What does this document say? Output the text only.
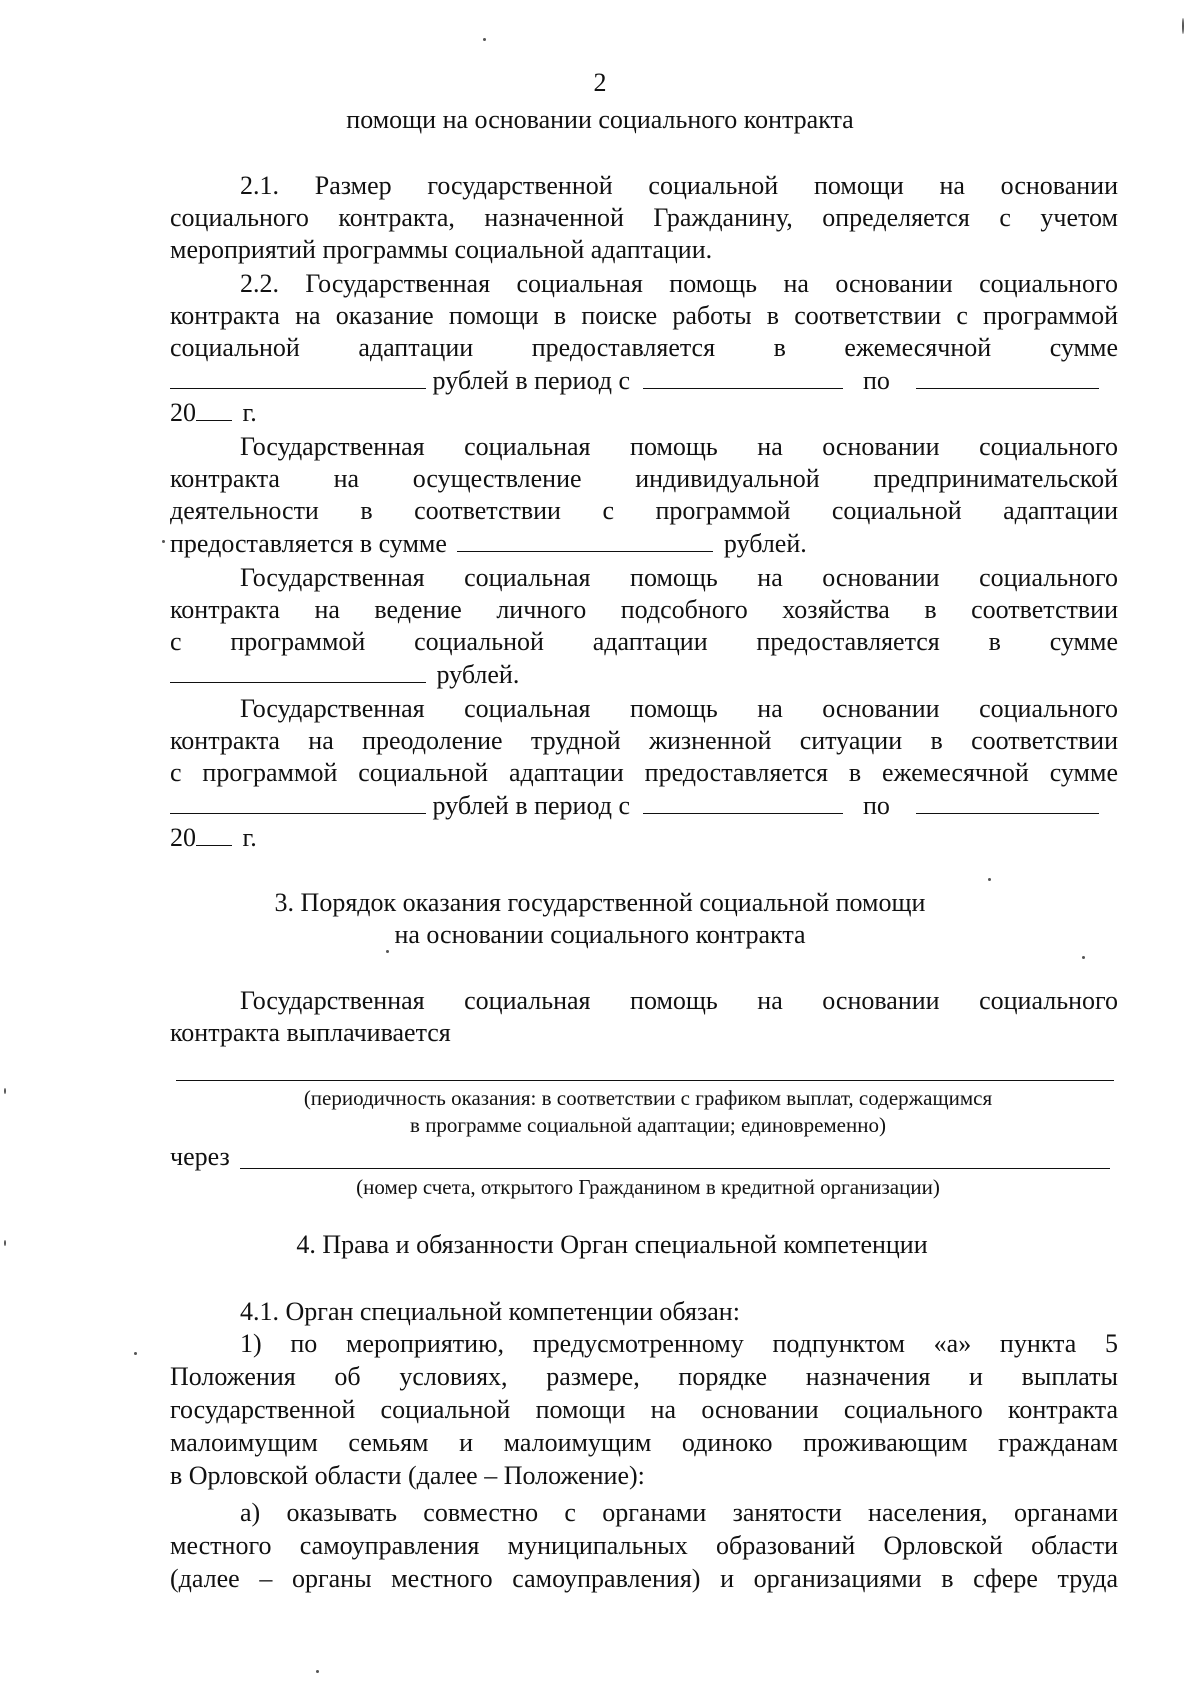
2
помощи на основании социального контракта
2.1. Размер государственной социальной помощи на основании
социального контракта, назначенной Гражданину, определяется с учетом
мероприятий программы социальной адаптации.
2.2. Государственная социальная помощь на основании социального
контракта на оказание помощи в поиске работы в соответствии с программой
социальной адаптации предоставляется в ежемесячной сумме
рублей в период с	по
20 г.
Государственная социальная помощь на основании социального
контракта на осуществление индивидуальной предпринимательской
деятельности в соответствии с программой социальной адаптации
предоставляется в сумме	рублей.
Государственная социальная помощь на основании социального
контракта на ведение личного подсобного хозяйства в соответствии
с программой социальной адаптации предоставляется в сумме
рублей.
Государственная социальная помощь на основании социального
контракта на преодоление трудной жизненной ситуации в соответствии
с программой социальной адаптации предоставляется в ежемесячной сумме
рублей в период с	по
20 г.
3. Порядок оказания государственной социальной помощи
на основании социального контракта
Государственная социальная помощь на основании социального
контракта выплачивается
(периодичность оказания: в соответствии с графиком выплат, содержащимся
в программе социальной адаптации; единовременно)
через
(номер счета, открытого Гражданином в кредитной организации)
4. Права и обязанности Орган специальной компетенции
4.1. Орган специальной компетенции обязан:
1) по мероприятию, предусмотренному подпунктом «а» пункта 5
Положения об условиях, размере, порядке назначения и выплаты
государственной социальной помощи на основании социального контракта
малоимущим семьям и малоимущим одиноко проживающим гражданам
в Орловской области (далее – Положение):
а) оказывать совместно с органами занятости населения, органами
местного самоуправления муниципальных образований Орловской области
(далее – органы местного самоуправления) и организациями в сфере труда
